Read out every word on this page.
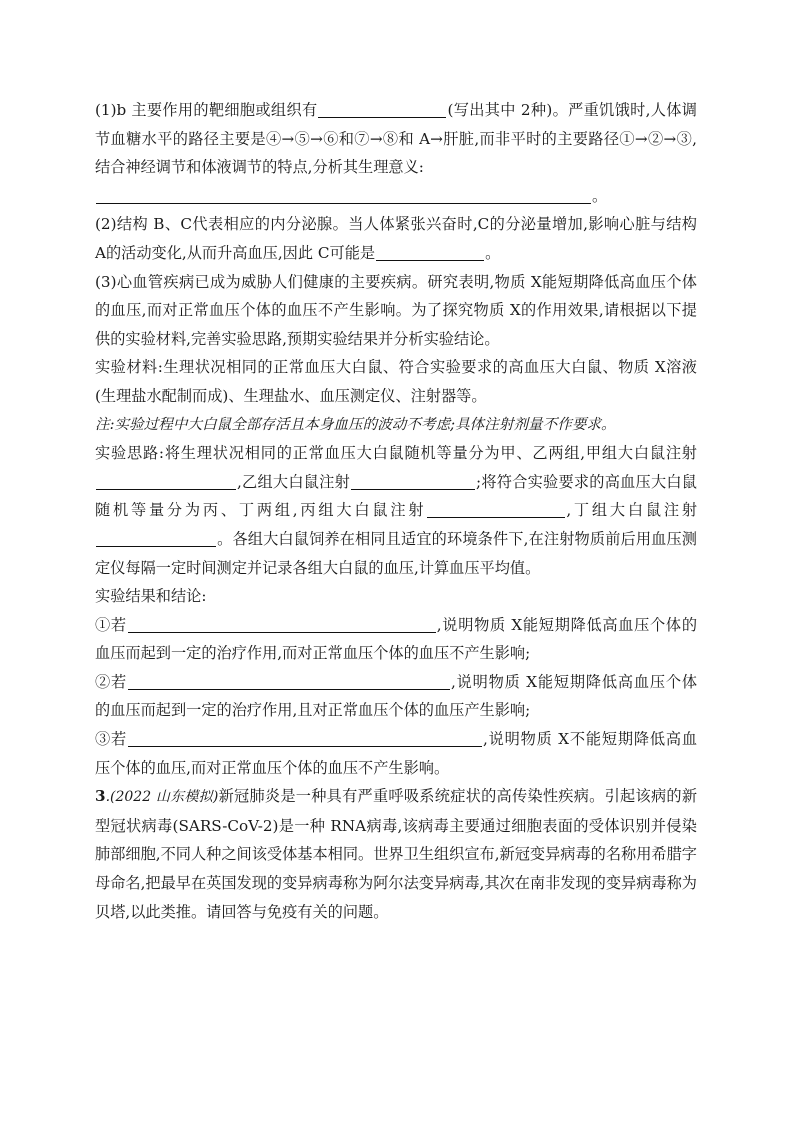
(1)b 主要作用的靶细胞或组织有	(写出其中 2种)。严重饥饿时,人体调节血糖水平的路径主要是④→⑤→⑥和⑦→⑧和 A→肝脏,而非平时的主要路径①→②→③,结合神经调节和体液调节的特点,分析其生理意义:

。

(2)结构 B、C代表相应的内分泌腺。当人体紧张兴奋时,C的分泌量增加,影响心脏与结构 A的活动变化,从而升高血压,因此 C可能是	。

(3)心血管疾病已成为威胁人们健康的主要疾病。研究表明,物质 X能短期降低高血压个体的血压,而对正常血压个体的血压不产生影响。为了探究物质 X的作用效果,请根据以下提供的实验材料,完善实验思路,预期实验结果并分析实验结论。

实验材料:生理状况相同的正常血压大白鼠、符合实验要求的高血压大白鼠、物质 X溶液(生理盐水配制而成)、生理盐水、血压测定仪、注射器等。

注:实验过程中大白鼠全部存活且本身血压的波动不考虑;具体注射剂量不作要求。

实验思路:将生理状况相同的正常血压大白鼠随机等量分为甲、乙两组,甲组大白鼠注射,乙组大白鼠注射	;将符合实验要求的高血压大白鼠随机等量分为丙、丁两组,丙组大白鼠注射	,丁组大白鼠注射。各组大白鼠饲养在相同且适宜的环境条件下,在注射物质前后用血压测定仪每隔一定时间测定并记录各组大白鼠的血压,计算血压平均值。

实验结果和结论:

①若	,说明物质 X能短期降低高血压个体的血压而起到一定的治疗作用,而对正常血压个体的血压不产生影响;

②若	,说明物质 X能短期降低高血压个体的血压而起到一定的治疗作用,且对正常血压个体的血压产生影响;

③若	,说明物质 X不能短期降低高血压个体的血压,而对正常血压个体的血压不产生影响。

3.(2022 山东模拟)新冠肺炎是一种具有严重呼吸系统症状的高传染性疾病。引起该病的新型冠状病毒(SARS-CoV-2)是一种 RNA病毒,该病毒主要通过细胞表面的受体识别并侵染肺部细胞,不同人种之间该受体基本相同。世界卫生组织宣布,新冠变异病毒的名称用希腊字母命名,把最早在英国发现的变异病毒称为阿尔法变异病毒,其次在南非发现的变异病毒称为贝塔,以此类推。请回答与免疫有关的问题。
